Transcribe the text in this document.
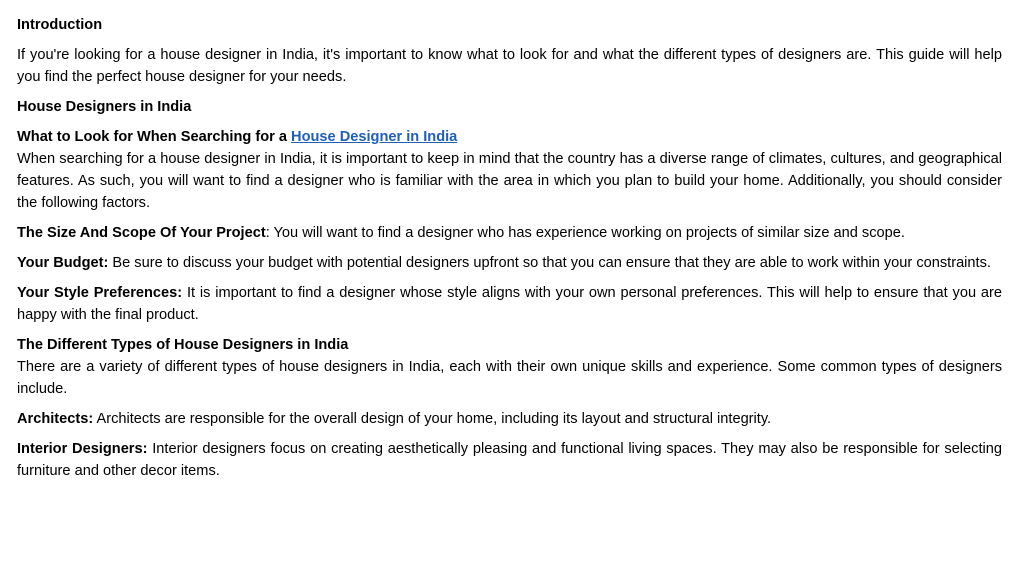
Introduction

If you're looking for a house designer in India, it's important to know what to look for and what the different types of designers are. This guide will help you find the perfect house designer for your needs.

House Designers in India

What to Look for When Searching for a House Designer in India

When searching for a house designer in India, it is important to keep in mind that the country has a diverse range of climates, cultures, and geographical features. As such, you will want to find a designer who is familiar with the area in which you plan to build your home. Additionally, you should consider the following factors.

The Size And Scope Of Your Project: You will want to find a designer who has experience working on projects of similar size and scope.

Your Budget: Be sure to discuss your budget with potential designers upfront so that you can ensure that they are able to work within your constraints.

Your Style Preferences: It is important to find a designer whose style aligns with your own personal preferences. This will help to ensure that you are happy with the final product.

The Different Types of House Designers in India

There are a variety of different types of house designers in India, each with their own unique skills and experience. Some common types of designers include.

Architects: Architects are responsible for the overall design of your home, including its layout and structural integrity.

Interior Designers: Interior designers focus on creating aesthetically pleasing and functional living spaces. They may also be responsible for selecting furniture and other decor items.
